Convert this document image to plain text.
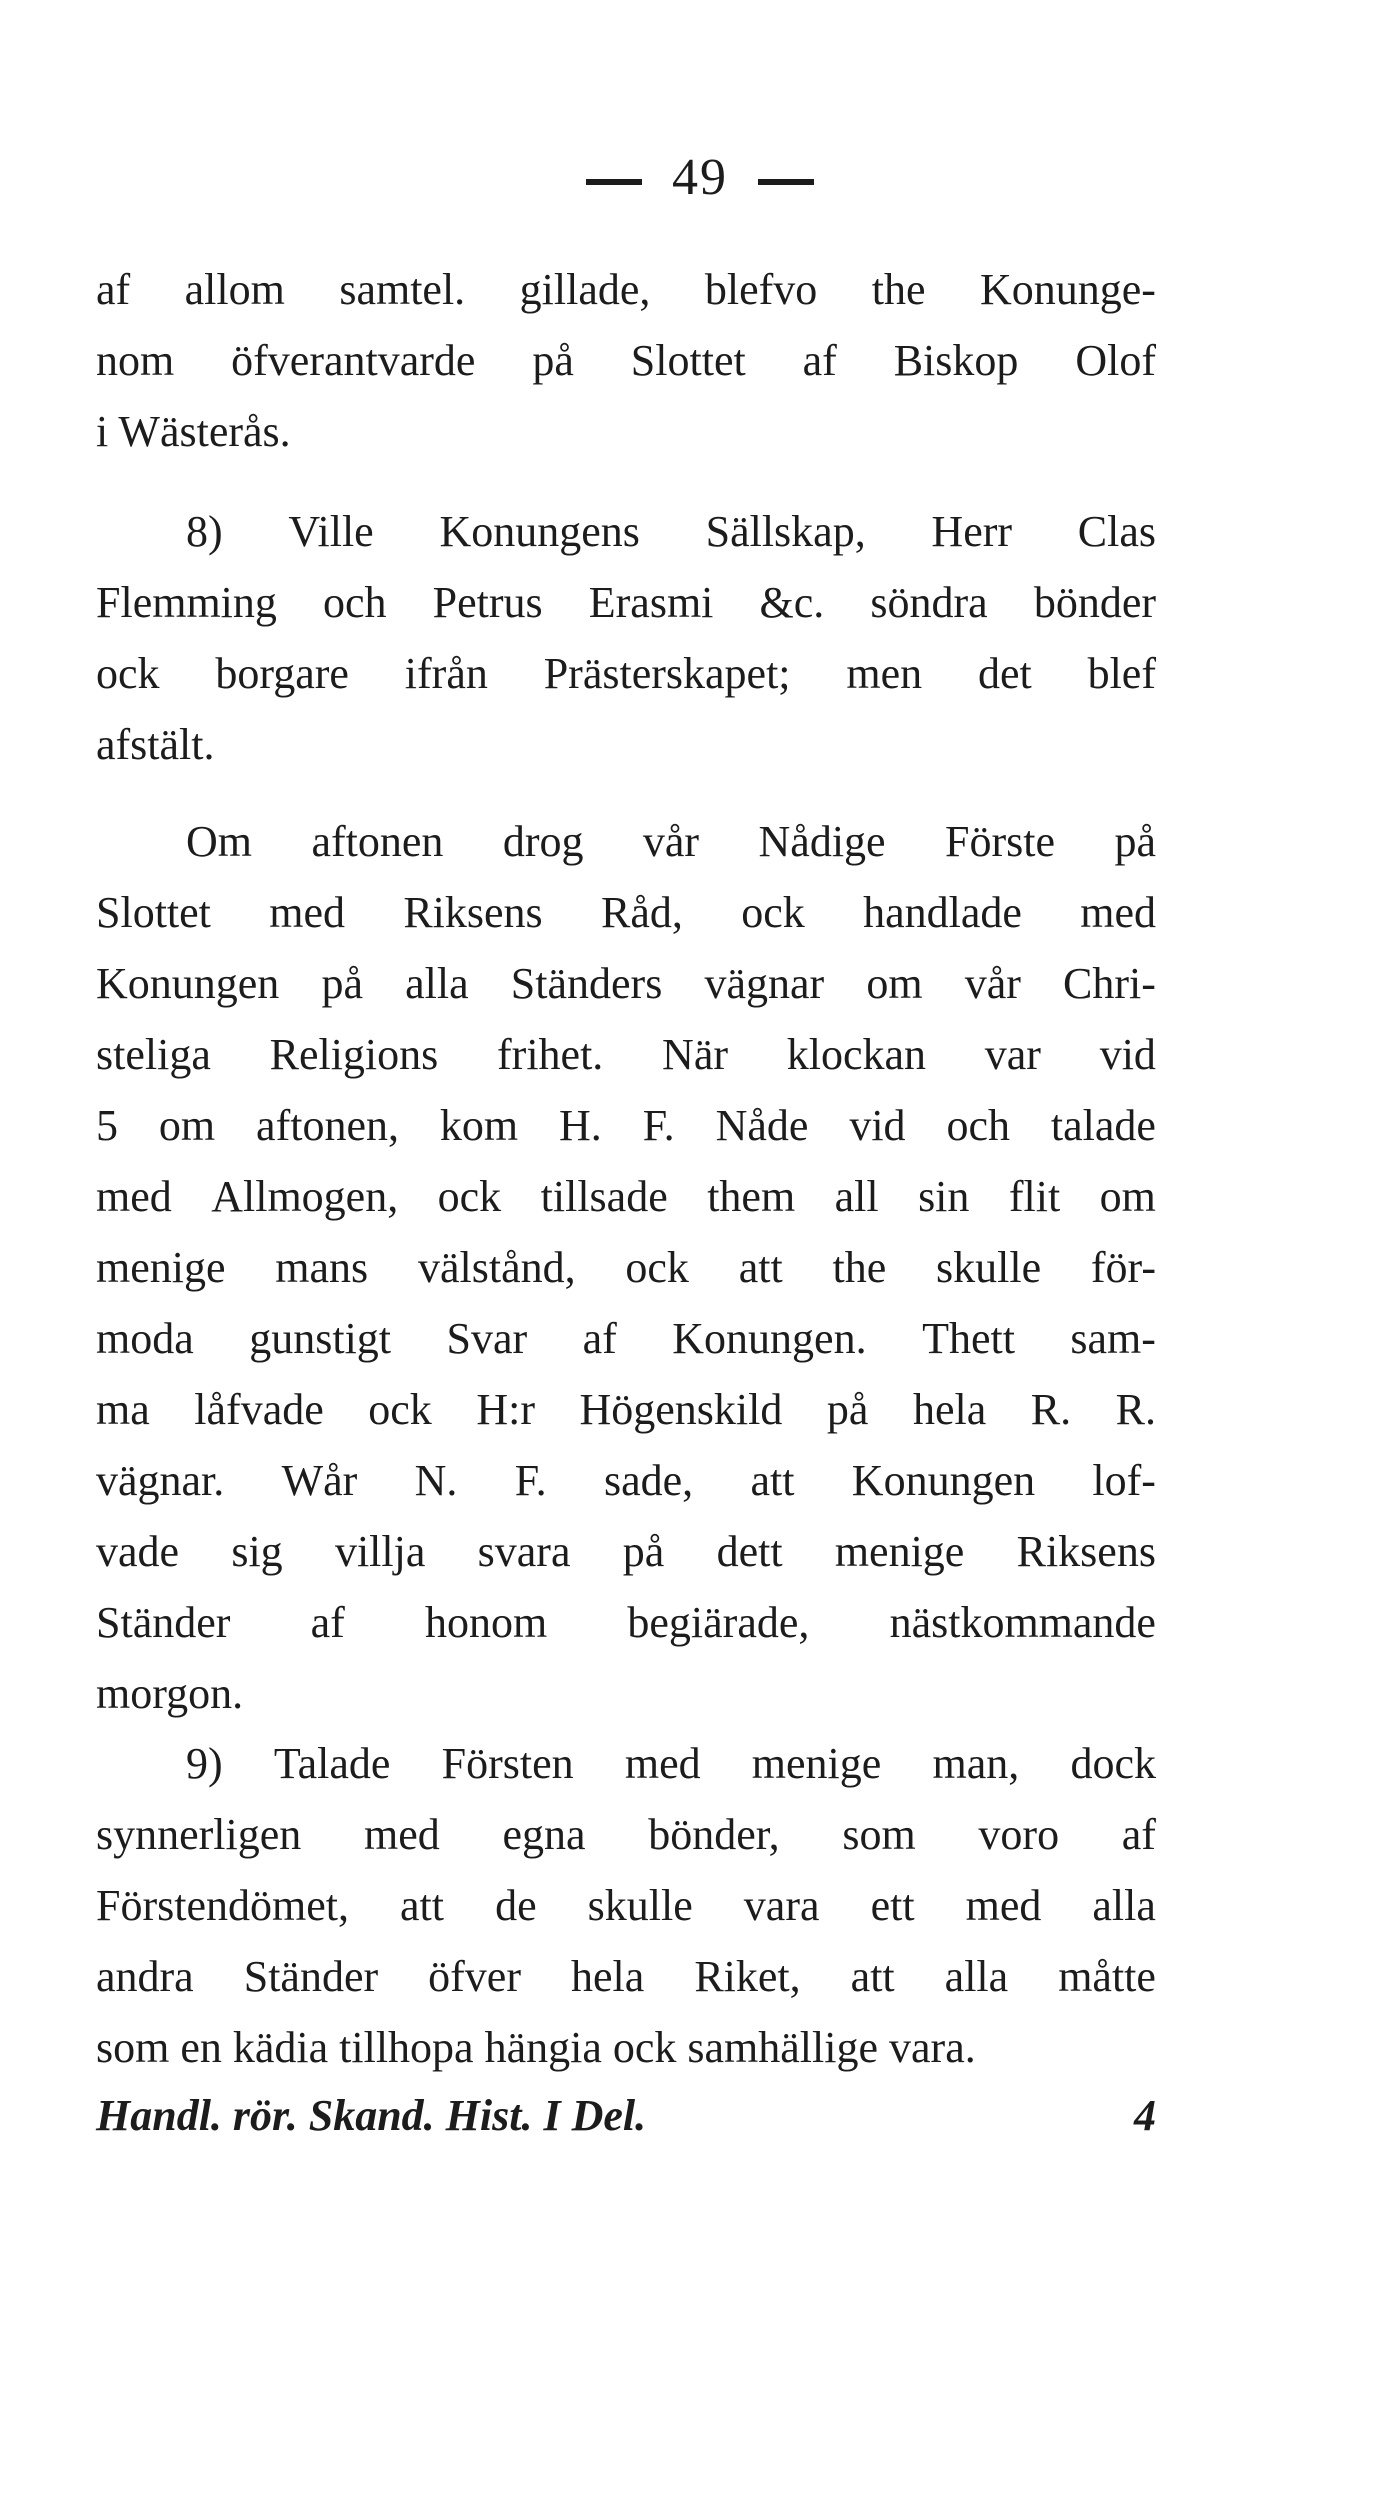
49
af allom samtel. gillade, blefvo the Konunge-
nom öfverantvarde på Slottet af Biskop Olof
i Wästerås.
8) Ville Konungens Sällskap, Herr Clas
Flemming och Petrus Erasmi &c. söndra bönder
ock borgare ifrån Prästerskapet; men det blef
afstält.
Om aftonen drog vår Nådige Förste på
Slottet med Riksens Råd, ock handlade med
Konungen på alla Ständers vägnar om vår Chri-
steliga Religions frihet. När klockan var vid
5 om aftonen, kom H. F. Nåde vid och talade
med Allmogen, ock tillsade them all sin flit om
menige mans välstånd, ock att the skulle för-
moda gunstigt Svar af Konungen. Thett sam-
ma låfvade ock H:r Högenskild på hela R. R.
vägnar. Wår N. F. sade, att Konungen lof-
vade sig villja svara på dett menige Riksens
Ständer af honom begiärade, nästkommande
morgon.
9) Talade Försten med menige man, dock
synnerligen med egna bönder, som voro af
Förstendömet, att de skulle vara ett med alla
andra Ständer öfver hela Riket, att alla måtte
som en kädia tillhopa hängia ock samhällige vara.
Handl. rör. Skand. Hist. I Del.	4
